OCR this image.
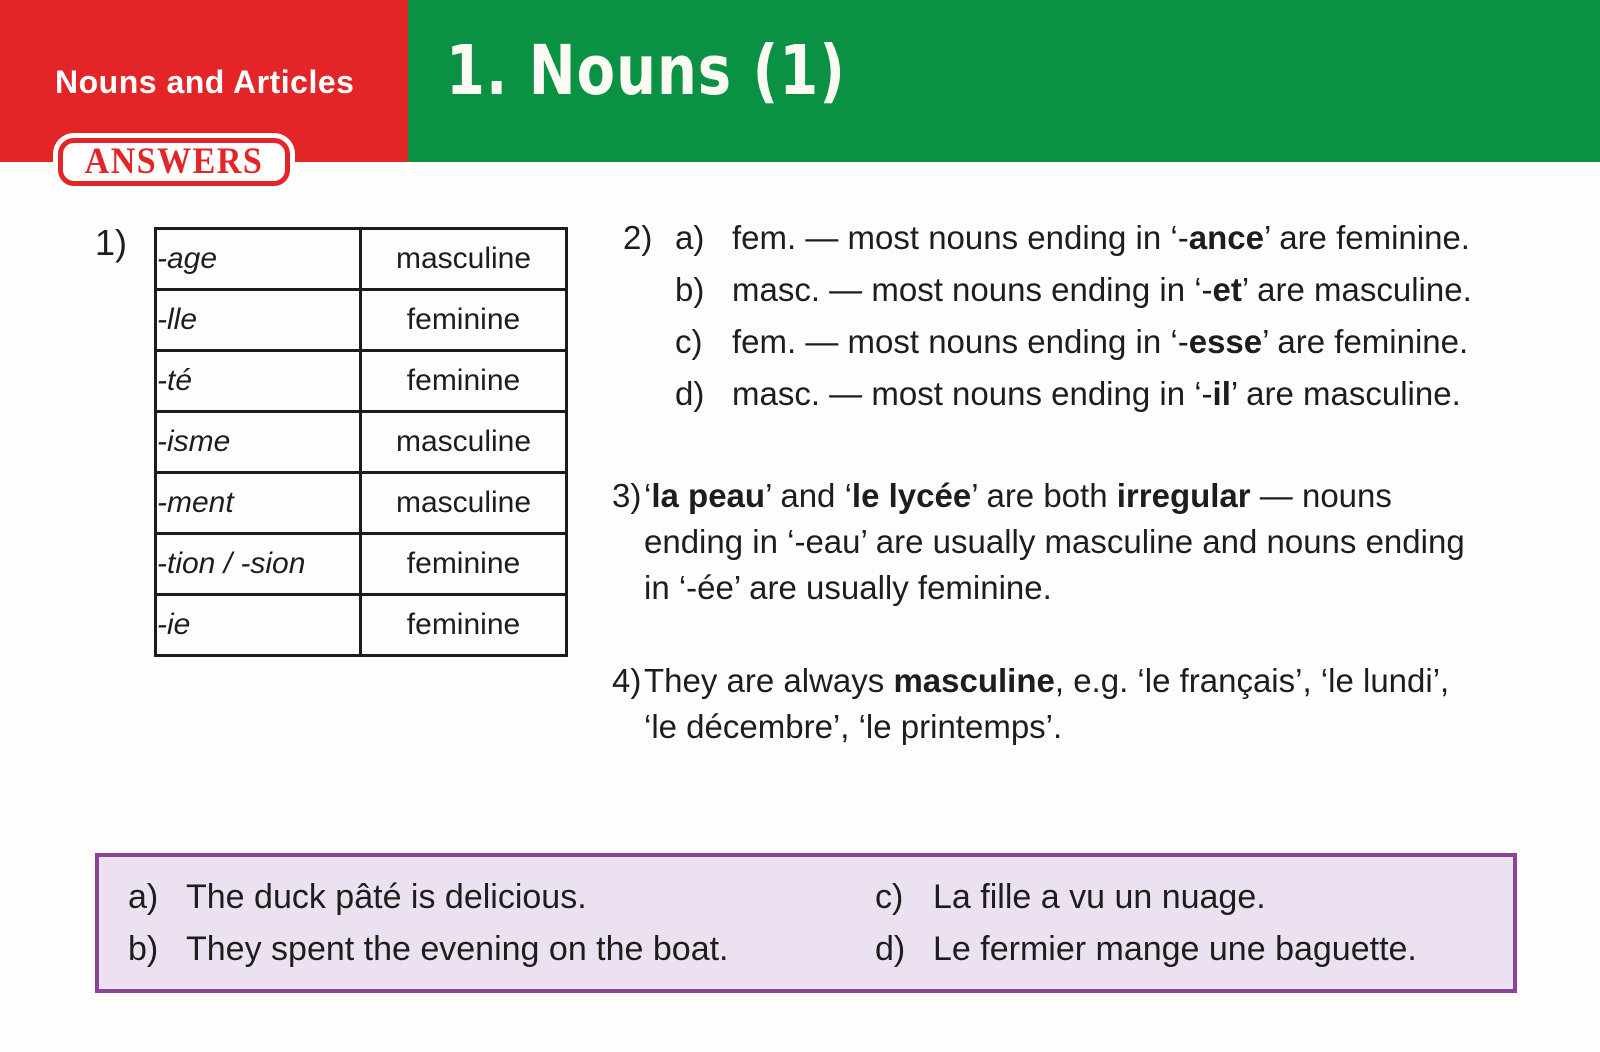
Nouns and Articles 1. Nouns (1)
ANSWERS
1) -age	masculine
-lle	feminine
-té	feminine
-isme	masculine
-ment	masculine
-tion / -sion	feminine
-ie	feminine
2) a) fem. — most nouns ending in ‘-ance’ are feminine.
b) masc. — most nouns ending in ‘-et’ are masculine.
c) fem. — most nouns ending in ‘-esse’ are feminine.
d) masc. — most nouns ending in ‘-il’ are masculine.
3) ‘la peau’ and ‘le lycée’ are both irregular — nouns
ending in ‘-eau’ are usually masculine and nouns ending
in ‘-ée’ are usually feminine.
4) They are always masculine, e.g. ‘le français’, ‘le lundi’,
‘le décembre’, ‘le printemps’.
a) The duck pâté is delicious.
b) They spent the evening on the boat.
c) La fille a vu un nuage.
d) Le fermier mange une baguette.
